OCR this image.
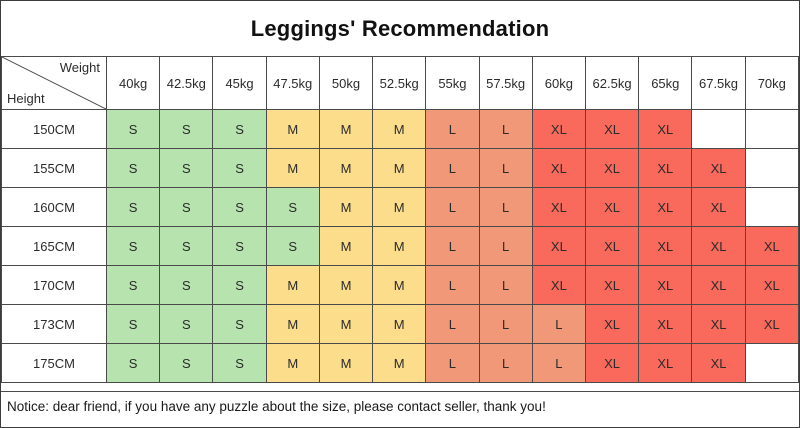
Leggings' Recommendation
Weight
Height	40kg	42.5kg	45kg	47.5kg	50kg	52.5kg	55kg	57.5kg	60kg	62.5kg	65kg	67.5kg	70kg
150CM	S	S	S	M	M	M	L	L	XL	XL	XL		
155CM	S	S	S	M	M	M	L	L	XL	XL	XL	XL	
160CM	S	S	S	S	M	M	L	L	XL	XL	XL	XL	
165CM	S	S	S	S	M	M	L	L	XL	XL	XL	XL	XL
170CM	S	S	S	M	M	M	L	L	XL	XL	XL	XL	XL
173CM	S	S	S	M	M	M	L	L	L	XL	XL	XL	XL
175CM	S	S	S	M	M	M	L	L	L	XL	XL	XL	
Notice: dear friend, if you have any puzzle about the size, please contact seller, thank you!
